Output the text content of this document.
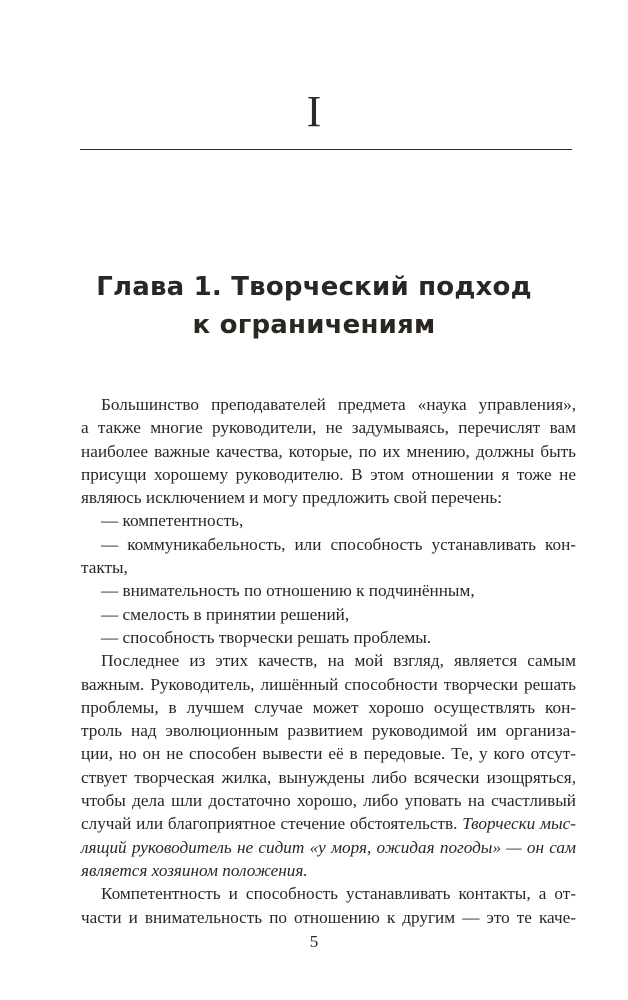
I
Глава 1. Творческий подход
к ограничениям
Большинство преподавателей предмета «наука управления»,
а также многие руководители, не задумываясь, перечислят вам
наиболее важные качества, которые, по их мнению, должны быть
присущи хорошему руководителю. В этом отношении я тоже не
являюсь исключением и могу предложить свой перечень:
— компетентность,
— коммуникабельность, или способность устанавливать кон-
такты,
— внимательность по отношению к подчинённым,
— смелость в принятии решений,
— способность творчески решать проблемы.
Последнее из этих качеств, на мой взгляд, является самым
важным. Руководитель, лишённый способности творчески решать
проблемы, в лучшем случае может хорошо осуществлять кон-
троль над эволюционным развитием руководимой им организа-
ции, но он не способен вывести её в передовые. Те, у кого отсут-
ствует творческая жилка, вынуждены либо всячески изощряться,
чтобы дела шли достаточно хорошо, либо уповать на счастливый
случай или благоприятное стечение обстоятельств. Творчески мыс-
лящий руководитель не сидит «у моря, ожидая погоды» — он сам
является хозяином положения.
Компетентность и способность устанавливать контакты, а от-
части и внимательность по отношению к другим — это те каче-
5
